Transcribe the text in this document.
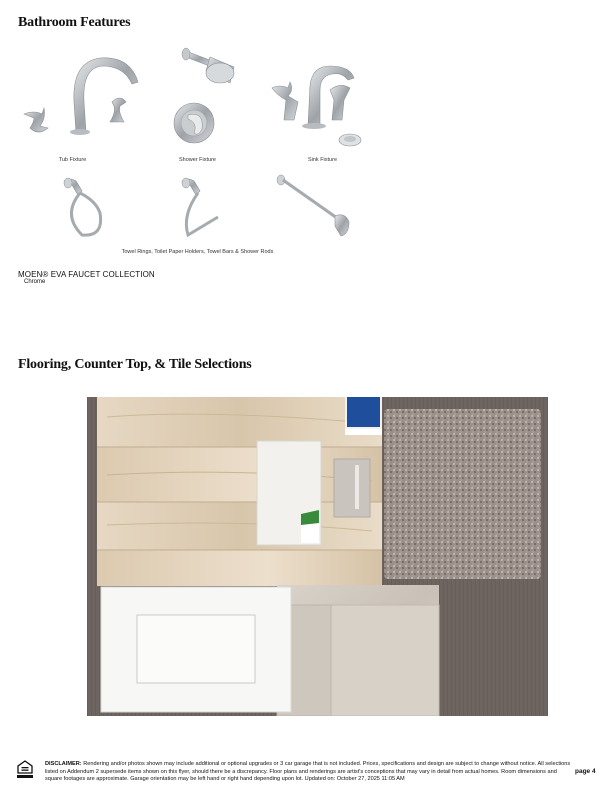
Bathroom Features
Tub Fixture	Shower Fixture	Sink Fixture
Towel Rings, Toilet Paper Holders, Towel Bars & Shower Rods

MOEN® EVA FAUCET COLLECTION

Chrome

Flooring, Counter Top, & Tile Selections

DISCLAIMER: Rendering and/or photos shown may include additional or optional upgrades or 3 car garage that is not included. Prices, specifications and design are subject to change without notice. All selections listed on Addendum 2 supersede items shown on this flyer, should there be a discrepancy. Floor plans and renderings are artist's conceptions that may vary in detail from actual homes. Room dimensions and square footages are approximate. Garage orientation may be left hand or right hand depending upon lot. Updated on: October 27, 2025 11:05 AM

page 4
